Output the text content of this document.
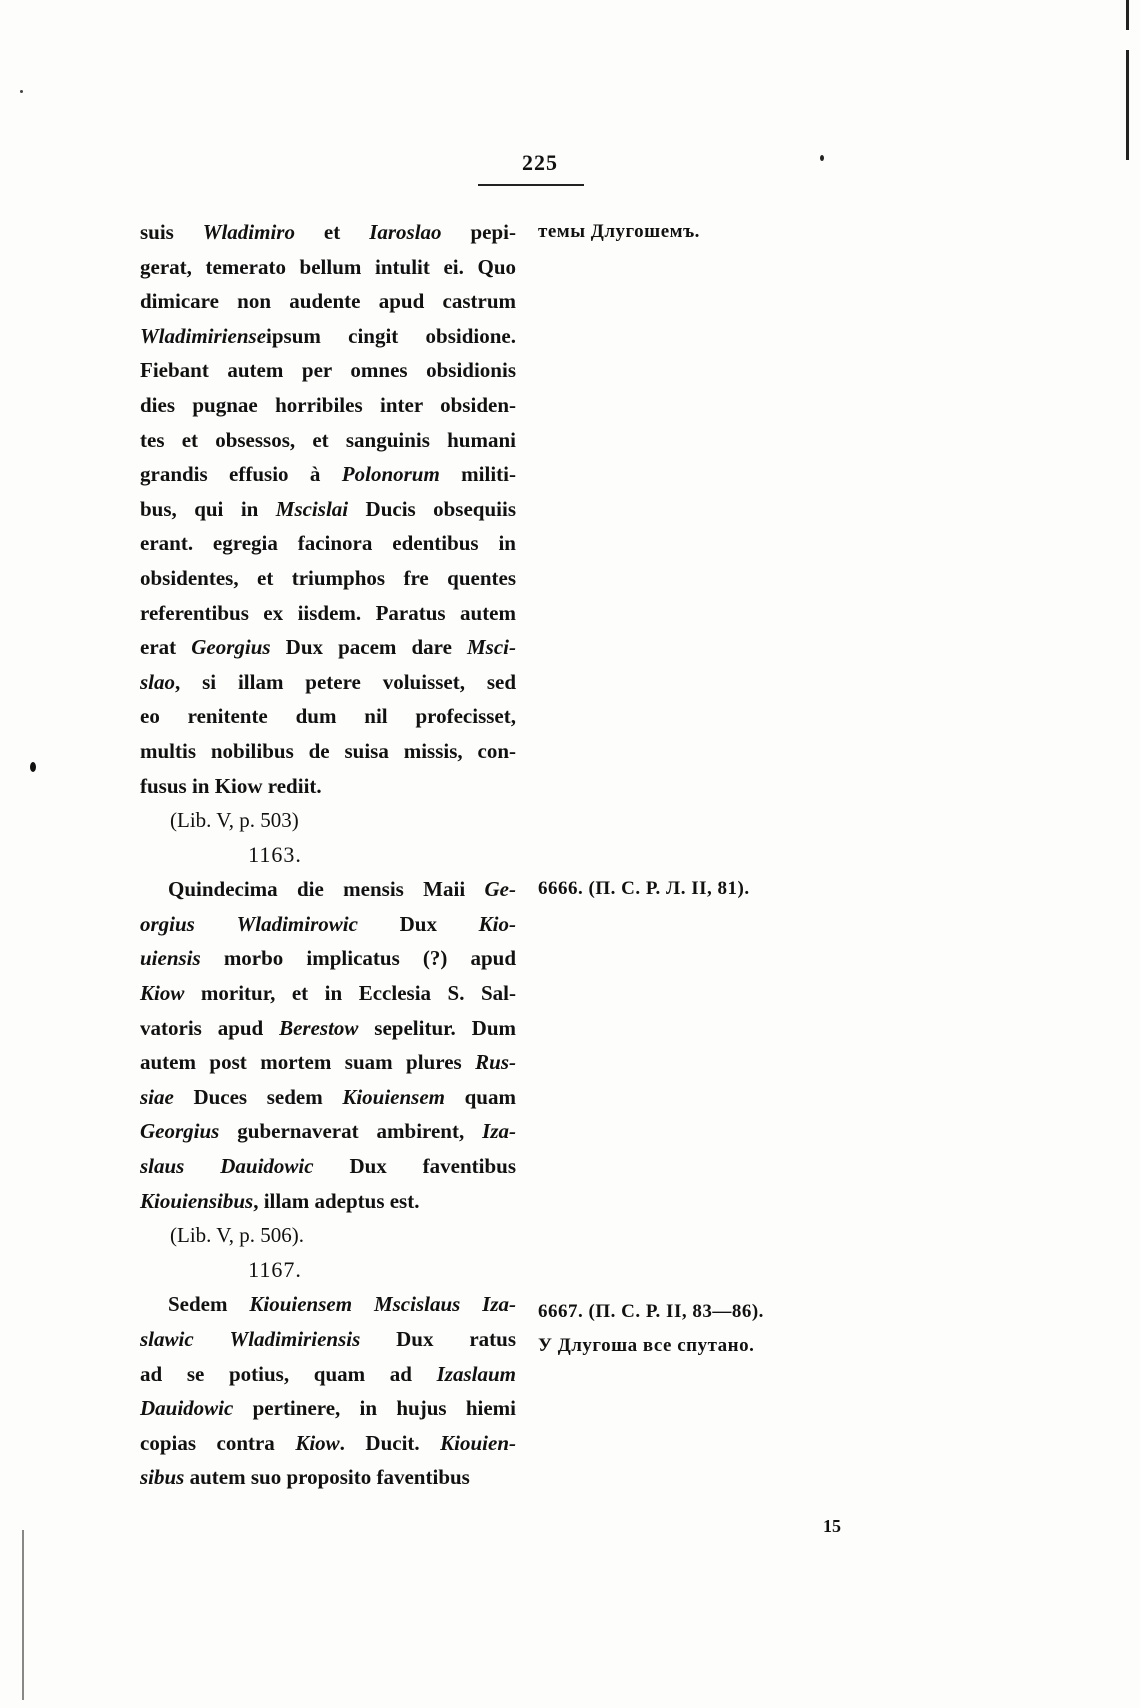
225

suis Wladimiro et Iaroslao pepi-

gerat, temerato bellum intulit ei. Quo

dimicare non audente apud castrum

Wladimirienseipsum cingit obsidione.

Fiebant autem per omnes obsidionis

dies pugnae horribiles inter obsiden-

tes et obsessos, et sanguinis humani

grandis effusio à Polonorum militi-

bus, qui in Mscislai Ducis obsequiis

erant. egregia facinora edentibus in

obsidentes, et triumphos fre quentes

referentibus ex iisdem. Paratus autem

erat Georgius Dux pacem dare Msci-

slao, si illam petere voluisset, sed

eo renitente dum nil profecisset,

multis nobilibus de suisa missis, con-

fusus in Kiow rediit.

(Lib. V, p. 503)

1163.

Quindecima die mensis Maii Ge-

orgius Wladimirowic Dux Kio-

uiensis morbo implicatus (?) apud

Kiow moritur, et in Ecclesia S. Sal-

vatoris apud Berestow sepelitur. Dum

autem post mortem suam plures Rus-

siae Duces sedem Kiouiensem quam

Georgius gubernaverat ambirent, Iza-

slaus Dauidowic Dux faventibus

Kiouiensibus, illam adeptus est.

(Lib. V, p. 506).

1167.

Sedem Kiouiensem Mscislaus Iza-

slawic Wladimiriensis Dux ratus

ad se potius, quam ad Izaslaum

Dauidowic pertinere, in hujus hiemi

copias contra Kiow. Ducit. Kiouien-

sibus autem suo proposito faventibus

темы Длугошемъ.

6666. (П. С. Р. Л. II, 81).

6667. (П. С. Р. II, 83—86).

У Длугоша все спутано.

15
